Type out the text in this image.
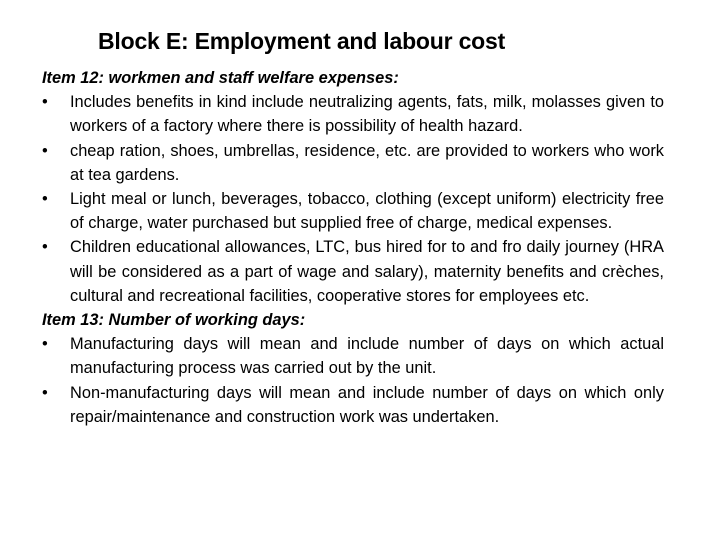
Block E: Employment and labour cost

Item 12: workmen and staff welfare expenses:

•	Includes benefits in kind include neutralizing agents, fats, milk, molasses given to workers of a factory where there is possibility of health hazard.
•	cheap ration, shoes, umbrellas, residence, etc. are provided to workers who work at tea gardens.
•	Light meal or lunch, beverages, tobacco, clothing (except uniform) electricity free of charge, water purchased but supplied free of charge, medical expenses.
•	Children educational allowances, LTC, bus hired for to and fro daily journey (HRA will be considered as a part of wage and salary), maternity benefits and crèches, cultural and recreational facilities, cooperative stores for employees etc.

Item 13: Number of working days:

•	Manufacturing days will mean and include number of days on which actual manufacturing process was carried out by the unit.
•	Non-manufacturing days will mean and include number of days on which only repair/maintenance and construction work was undertaken.
